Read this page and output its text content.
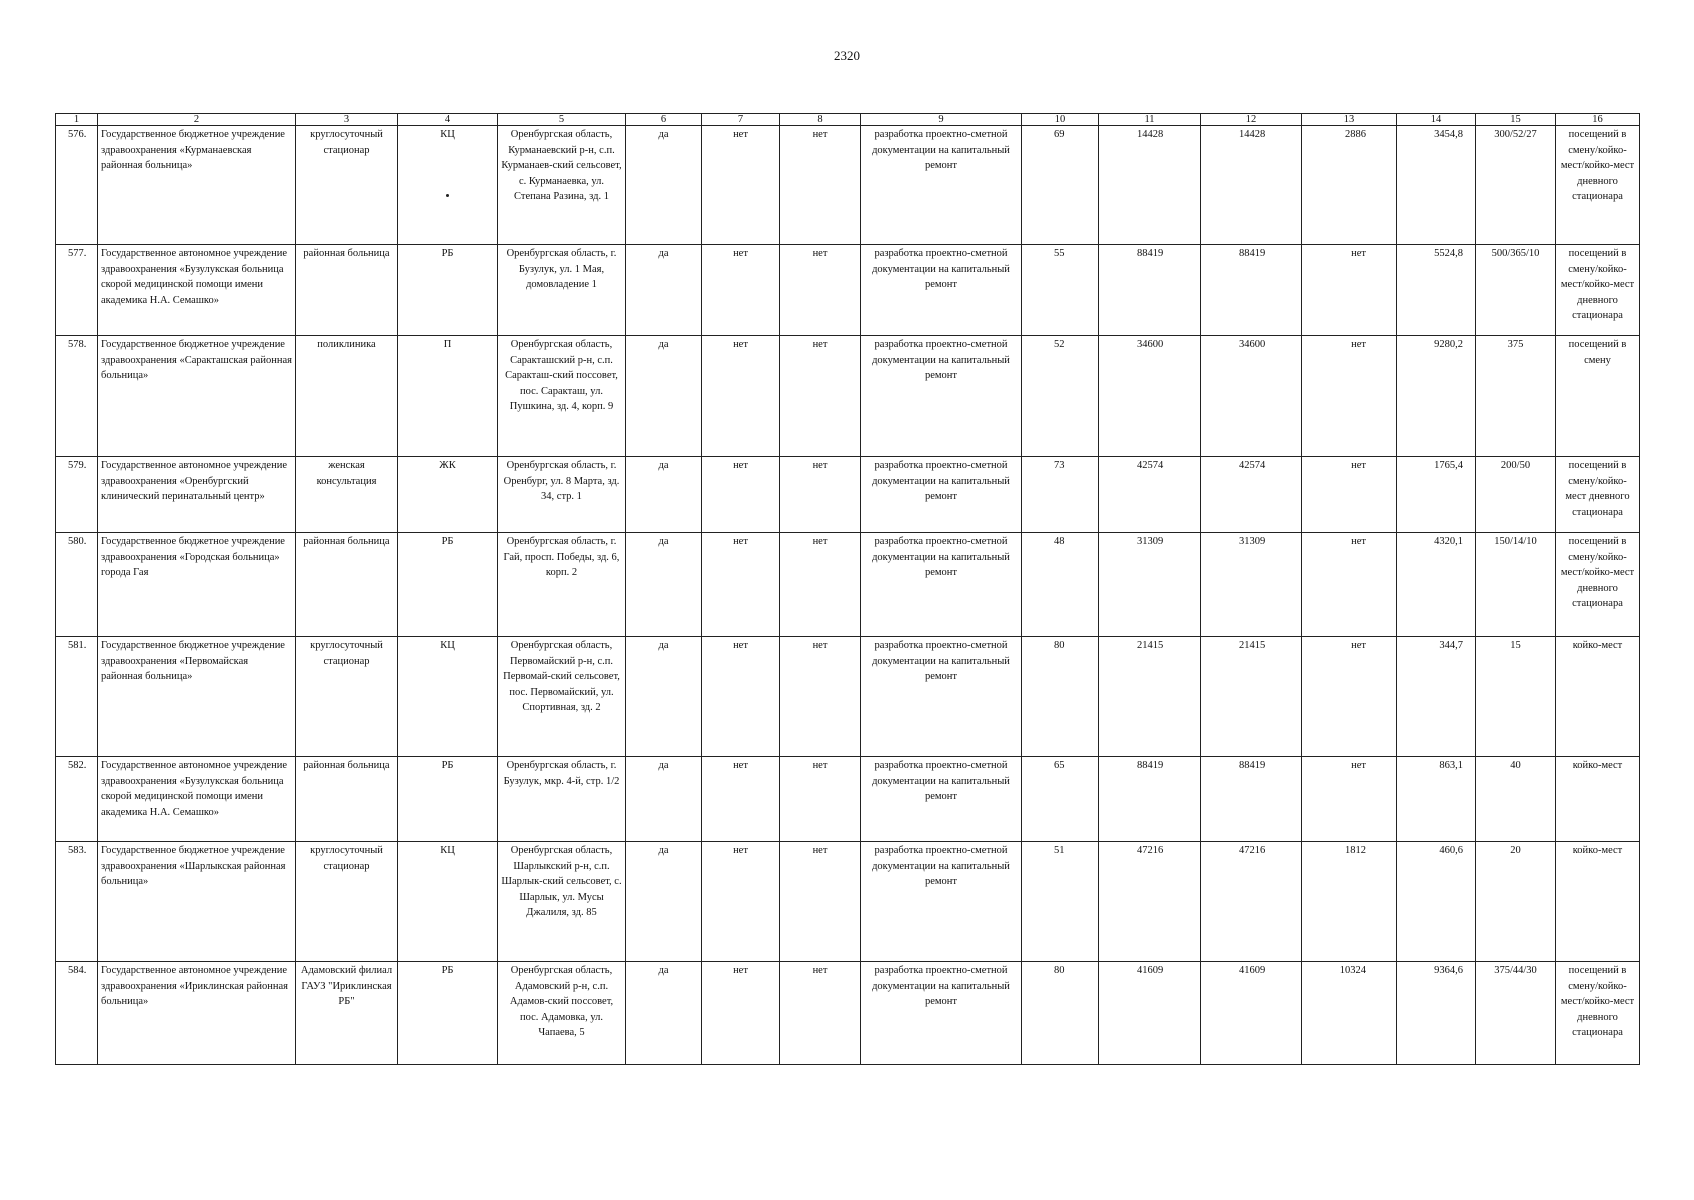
2320
1	2	3	4	5	6	7	8	9	10	11	12	13	14	15	16
576.	Государственное бюджетное учреждение здравоохранения «Курманаевская районная больница»	круглосуточный стационар	КЦ	Оренбургская область, Курманаевский р-н, с.п. Курманаев-ский сельсовет, с. Курманаевка, ул. Степана Разина, зд. 1	да	нет	нет	разработка проектно-сметной документации на капитальный ремонт	69	14428	14428	2886	3454,8	300/52/27	посещений в смену/койко-мест/койко-мест дневного стационара
577.	Государственное автономное учреждение здравоохранения «Бузулукская больница скорой медицинской помощи имени академика Н.А. Семашко»	районная больница	РБ	Оренбургская область, г. Бузулук, ул. 1 Мая, домовладение 1	да	нет	нет	разработка проектно-сметной документации на капитальный ремонт	55	88419	88419	нет	5524,8	500/365/10	посещений в смену/койко-мест/койко-мест дневного стационара
578.	Государственное бюджетное учреждение здравоохранения «Саракташская районная больница»	поликлиника	П	Оренбургская область, Саракташский р-н, с.п. Саракташ-ский поссовет, пос. Саракташ, ул. Пушкина, зд. 4, корп. 9	да	нет	нет	разработка проектно-сметной документации на капитальный ремонт	52	34600	34600	нет	9280,2	375	посещений в смену
579.	Государственное автономное учреждение здравоохранения «Оренбургский клинический перинатальный центр»	женская консультация	ЖК	Оренбургская область, г. Оренбург, ул. 8 Марта, зд. 34, стр. 1	да	нет	нет	разработка проектно-сметной документации на капитальный ремонт	73	42574	42574	нет	1765,4	200/50	посещений в смену/койко-мест дневного стационара
580.	Государственное бюджетное учреждение здравоохранения «Городская больница» города Гая	районная больница	РБ	Оренбургская область, г. Гай, просп. Победы, зд. 6, корп. 2	да	нет	нет	разработка проектно-сметной документации на капитальный ремонт	48	31309	31309	нет	4320,1	150/14/10	посещений в смену/койко-мест/койко-мест дневного стационара
581.	Государственное бюджетное учреждение здравоохранения «Первомайская районная больница»	круглосуточный стационар	КЦ	Оренбургская область, Первомайский р-н, с.п. Первомай-ский сельсовет, пос. Первомайский, ул. Спортивная, зд. 2	да	нет	нет	разработка проектно-сметной документации на капитальный ремонт	80	21415	21415	нет	344,7	15	койко-мест
582.	Государственное автономное учреждение здравоохранения «Бузулукская больница скорой медицинской помощи имени академика Н.А. Семашко»	районная больница	РБ	Оренбургская область, г. Бузулук, мкр. 4-й, стр. 1/2	да	нет	нет	разработка проектно-сметной документации на капитальный ремонт	65	88419	88419	нет	863,1	40	койко-мест
583.	Государственное бюджетное учреждение здравоохранения «Шарлыкская районная больница»	круглосуточный стационар	КЦ	Оренбургская область, Шарлыкский р-н, с.п. Шарлык-ский сельсовет, с. Шарлык, ул. Мусы Джалиля, зд. 85	да	нет	нет	разработка проектно-сметной документации на капитальный ремонт	51	47216	47216	1812	460,6	20	койко-мест
584.	Государственное автономное учреждение здравоохранения «Ириклинская районная больница»	Адамовский филиал ГАУЗ "Ириклинская РБ"	РБ	Оренбургская область, Адамовский р-н, с.п. Адамов-ский поссовет, пос. Адамовка, ул. Чапаева, 5	да	нет	нет	разработка проектно-сметной документации на капитальный ремонт	80	41609	41609	10324	9364,6	375/44/30	посещений в смену/койко-мест/койко-мест дневного стационара
